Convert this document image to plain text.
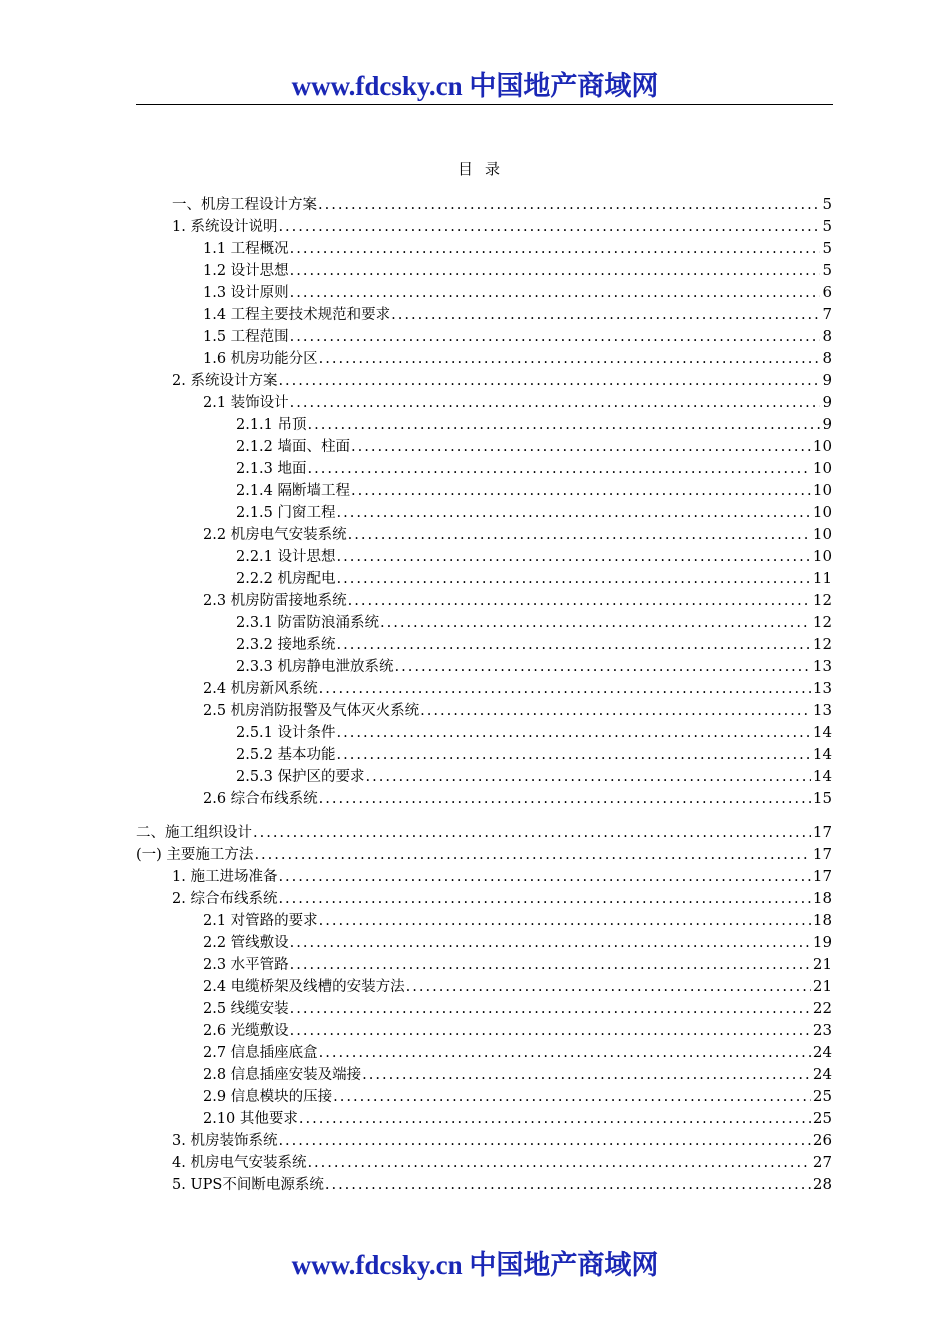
www.fdcsky.cn 中国地产商域网
目录
一、机房工程设计方案 .....	5
1. 系统设计说明 .....	5
1.1 工程概况 .....	5
1.2 设计思想 .....	5
1.3 设计原则 .....	6
1.4 工程主要技术规范和要求 .....	7
1.5 工程范围 .....	8
1.6 机房功能分区 .....	8
2. 系统设计方案 .....	9
2.1 装饰设计 .....	9
2.1.1 吊顶 .....	9
2.1.2 墙面、柱面 .....	10
2.1.3 地面 .....	10
2.1.4 隔断墙工程 .....	10
2.1.5 门窗工程 .....	10
2.2 机房电气安装系统 .....	10
2.2.1 设计思想 .....	10
2.2.2 机房配电 .....	11
2.3 机房防雷接地系统 .....	12
2.3.1 防雷防浪涌系统 .....	12
2.3.2 接地系统 .....	12
2.3.3 机房静电泄放系统 .....	13
2.4 机房新风系统 .....	13
2.5 机房消防报警及气体灭火系统 .....	13
2.5.1 设计条件 .....	14
2.5.2 基本功能 .....	14
2.5.3 保护区的要求 .....	14
2.6 综合布线系统 .....	15
二、施工组织设计 .....	17
(一) 主要施工方法 .....	17
1. 施工进场准备 .....	17
2. 综合布线系统 .....	18
2.1 对管路的要求 .....	18
2.2 管线敷设 .....	19
2.3 水平管路 .....	21
2.4 电缆桥架及线槽的安装方法 .....	21
2.5 线缆安装 .....	22
2.6 光缆敷设 .....	23
2.7 信息插座底盒 .....	24
2.8 信息插座安装及端接 .....	24
2.9 信息模块的压接 .....	25
2.10 其他要求 .....	25
3. 机房装饰系统 .....	26
4. 机房电气安装系统 .....	27
5. UPS不间断电源系统 .....	28
www.fdcsky.cn 中国地产商域网
